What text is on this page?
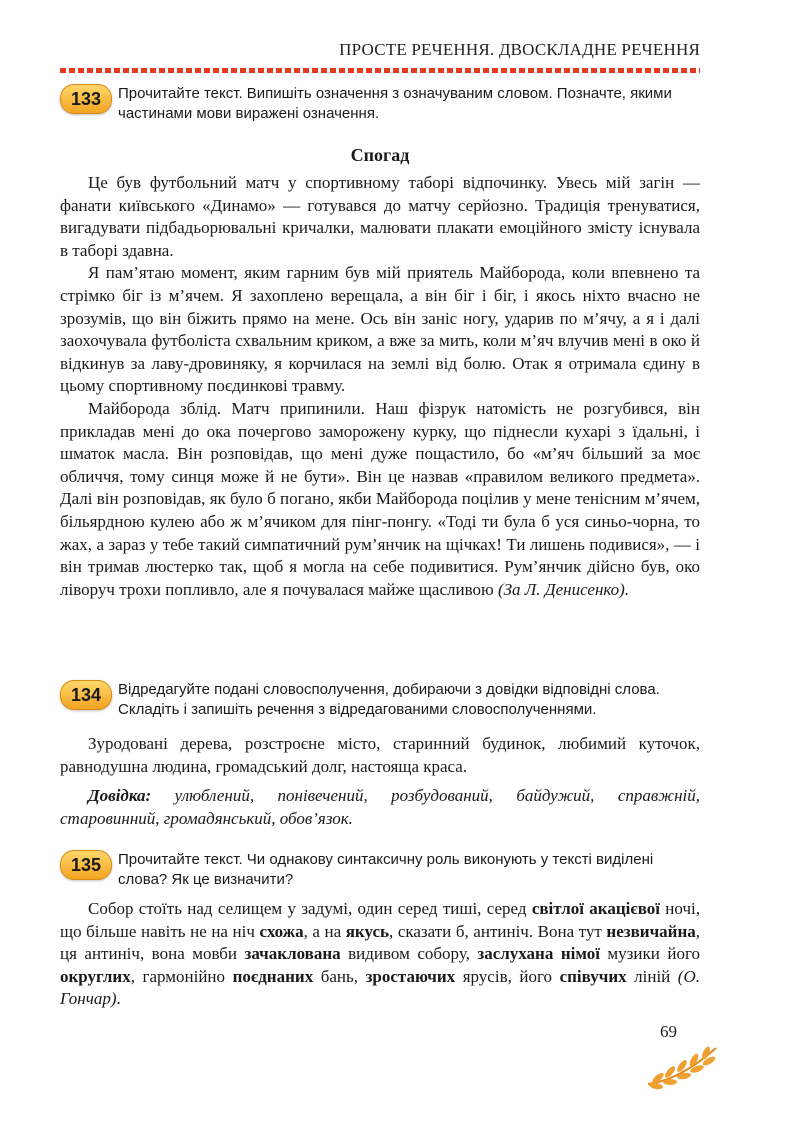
ПРОСТЕ РЕЧЕННЯ. ДВОСКЛАДНЕ РЕЧЕННЯ
133	Прочитайте текст. Випишіть означення з означуваним словом. Позначте, якими частинами мови виражені означення.
Спогад

Це був футбольний матч у спортивному таборі відпочинку. Увесь мій загін — фанати київського «Динамо» — готувався до матчу серйозно. Традиція тренуватися, вигадувати підбадьорювальні кричалки, малювати плакати емоційного змісту існувала в таборі здавна.

Я пам’ятаю момент, яким гарним був мій приятель Майборода, коли впевнено та стрімко біг із м’ячем. Я захоплено верещала, а він біг і біг, і якось ніхто вчасно не зрозумів, що він біжить прямо на мене. Ось він заніс ногу, ударив по м’ячу, а я і далі заохочувала футболіста схвальним криком, а вже за мить, коли м’яч влучив мені в око й відкинув за лаву-дровиняку, я корчилася на землі від болю. Отак я отримала єдину в цьому спортивному поєдинкові травму.

Майборода зблід. Матч припинили. Наш фізрук натомість не розгубився, він прикладав мені до ока почергово заморожену курку, що піднесли кухарі з їдальні, і шматок масла. Він розповідав, що мені дуже пощастило, бо «м’яч більший за моє обличчя, тому синця може й не бути». Він це назвав «правилом великого предмета». Далі він розповідав, як було б погано, якби Майборода поцілив у мене тенісним м’ячем, більярдною кулею або ж м’ячиком для пінг-понгу. «Тоді ти була б уся синьо-чорна, то жах, а зараз у тебе такий симпатичний рум’янчик на щічках! Ти лишень подивися», — і він тримав люстерко так, щоб я могла на себе подивитися. Рум’янчик дійсно був, око ліворуч трохи попливло, але я почувалася майже щасливою (За Л. Денисенко).

134	Відредагуйте подані словосполучення, добираючи з довідки відповідні слова. Складіть і запишіть речення з відредагованими словосполученнями.

Зуродовані дерева, розстроєне місто, старинний будинок, любимий куточок, равнодушна людина, громадський долг, настояща краса.

Довідка: улюблений, понівечений, розбудований, байдужий, справжній, старовинний, громадянський, обов’язок.

135	Прочитайте текст. Чи однакову синтаксичну роль виконують у тексті виділені слова? Як це визначити?

Собор стоїть над селищем у задумі, один серед тиші, серед світлої акацієвої ночі, що більше навіть не на ніч схожа, а на якусь, сказати б, антиніч. Вона тут незвичайна, ця антиніч, вона мовби зачаклована видивом собору, заслухана німої музики його округлих, гармонійно поєднаних бань, зростаючих ярусів, його співучих ліній (О. Гончар).

69
